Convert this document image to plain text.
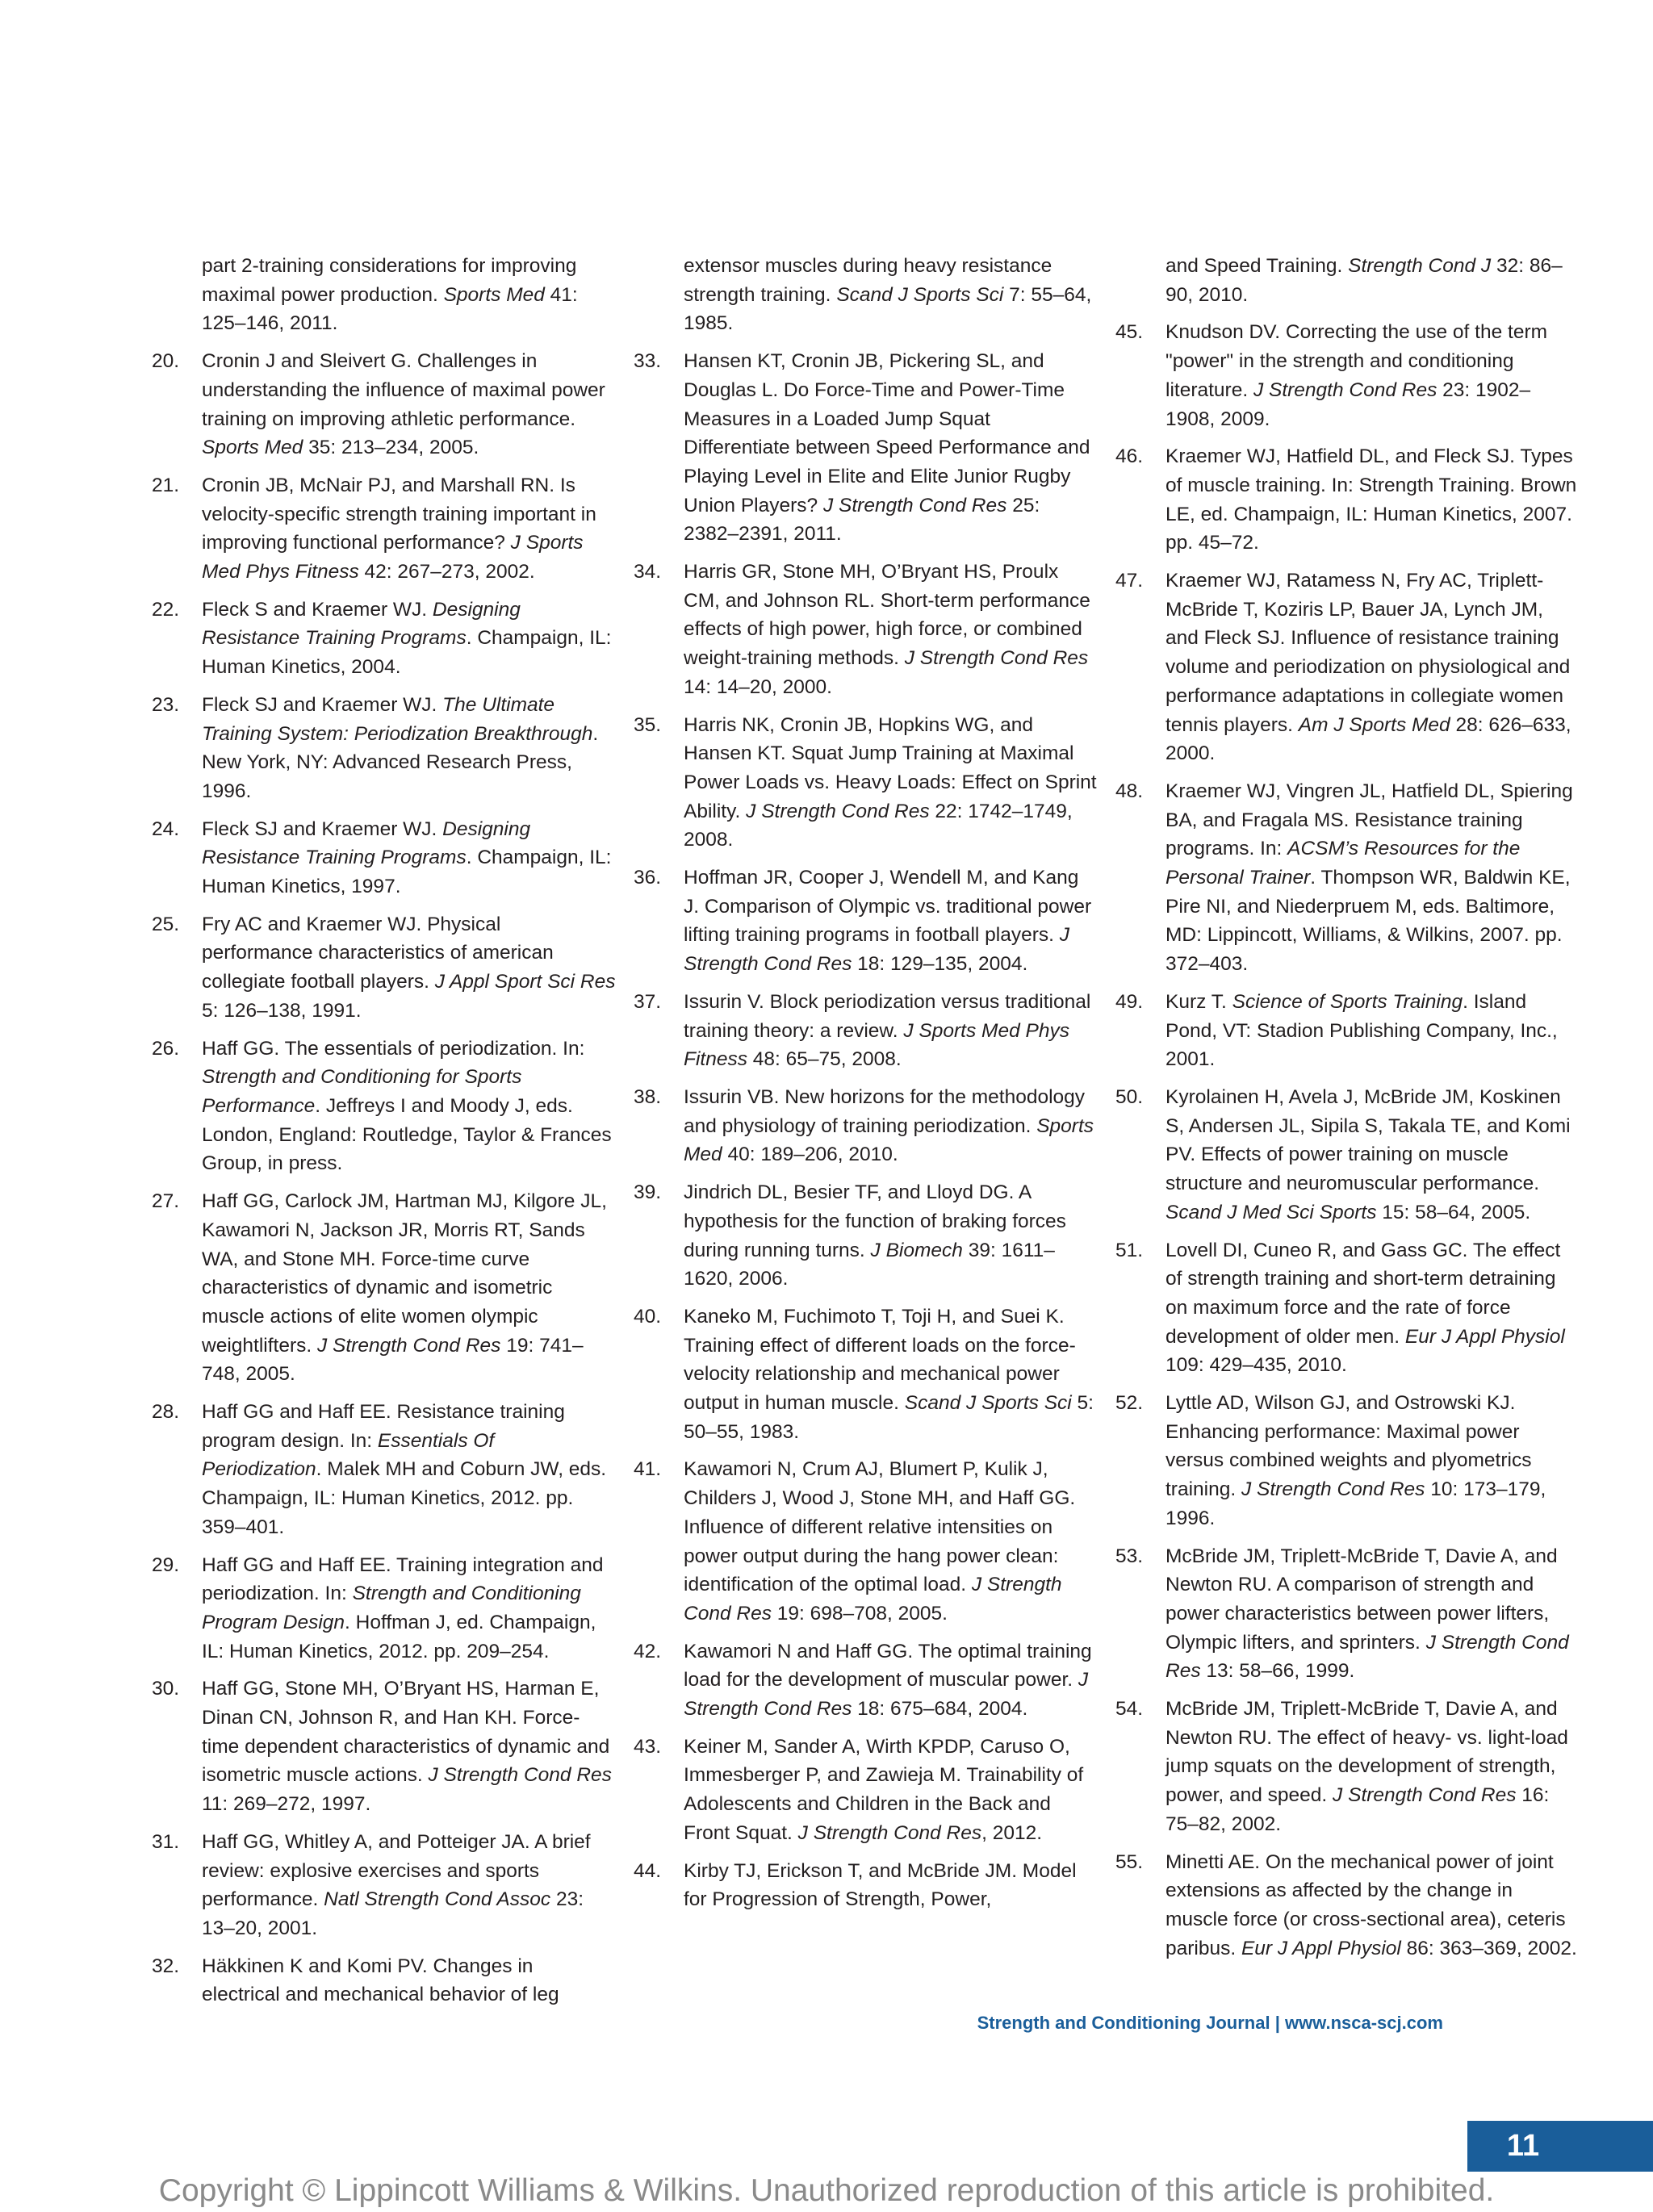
part 2-training considerations for improving maximal power production. Sports Med 41: 125–146, 2011.
20. Cronin J and Sleivert G. Challenges in understanding the influence of maximal power training on improving athletic performance. Sports Med 35: 213–234, 2005.
21. Cronin JB, McNair PJ, and Marshall RN. Is velocity-specific strength training important in improving functional performance? J Sports Med Phys Fitness 42: 267–273, 2002.
22. Fleck S and Kraemer WJ. Designing Resistance Training Programs. Champaign, IL: Human Kinetics, 2004.
23. Fleck SJ and Kraemer WJ. The Ultimate Training System: Periodization Breakthrough. New York, NY: Advanced Research Press, 1996.
24. Fleck SJ and Kraemer WJ. Designing Resistance Training Programs. Champaign, IL: Human Kinetics, 1997.
25. Fry AC and Kraemer WJ. Physical performance characteristics of american collegiate football players. J Appl Sport Sci Res 5: 126–138, 1991.
26. Haff GG. The essentials of periodization. In: Strength and Conditioning for Sports Performance. Jeffreys I and Moody J, eds. London, England: Routledge, Taylor & Frances Group, in press.
27. Haff GG, Carlock JM, Hartman MJ, Kilgore JL, Kawamori N, Jackson JR, Morris RT, Sands WA, and Stone MH. Force-time curve characteristics of dynamic and isometric muscle actions of elite women olympic weightlifters. J Strength Cond Res 19: 741–748, 2005.
28. Haff GG and Haff EE. Resistance training program design. In: Essentials Of Periodization. Malek MH and Coburn JW, eds. Champaign, IL: Human Kinetics, 2012. pp. 359–401.
29. Haff GG and Haff EE. Training integration and periodization. In: Strength and Conditioning Program Design. Hoffman J, ed. Champaign, IL: Human Kinetics, 2012. pp. 209–254.
30. Haff GG, Stone MH, O’Bryant HS, Harman E, Dinan CN, Johnson R, and Han KH. Force-time dependent characteristics of dynamic and isometric muscle actions. J Strength Cond Res 11: 269–272, 1997.
31. Haff GG, Whitley A, and Potteiger JA. A brief review: explosive exercises and sports performance. Natl Strength Cond Assoc 23: 13–20, 2001.
32. Häkkinen K and Komi PV. Changes in electrical and mechanical behavior of leg
extensor muscles during heavy resistance strength training. Scand J Sports Sci 7: 55–64, 1985.
33. Hansen KT, Cronin JB, Pickering SL, and Douglas L. Do Force-Time and Power-Time Measures in a Loaded Jump Squat Differentiate between Speed Performance and Playing Level in Elite and Elite Junior Rugby Union Players? J Strength Cond Res 25: 2382–2391, 2011.
34. Harris GR, Stone MH, O’Bryant HS, Proulx CM, and Johnson RL. Short-term performance effects of high power, high force, or combined weight-training methods. J Strength Cond Res 14: 14–20, 2000.
35. Harris NK, Cronin JB, Hopkins WG, and Hansen KT. Squat Jump Training at Maximal Power Loads vs. Heavy Loads: Effect on Sprint Ability. J Strength Cond Res 22: 1742–1749, 2008.
36. Hoffman JR, Cooper J, Wendell M, and Kang J. Comparison of Olympic vs. traditional power lifting training programs in football players. J Strength Cond Res 18: 129–135, 2004.
37. Issurin V. Block periodization versus traditional training theory: a review. J Sports Med Phys Fitness 48: 65–75, 2008.
38. Issurin VB. New horizons for the methodology and physiology of training periodization. Sports Med 40: 189–206, 2010.
39. Jindrich DL, Besier TF, and Lloyd DG. A hypothesis for the function of braking forces during running turns. J Biomech 39: 1611–1620, 2006.
40. Kaneko M, Fuchimoto T, Toji H, and Suei K. Training effect of different loads on the force-velocity relationship and mechanical power output in human muscle. Scand J Sports Sci 5: 50–55, 1983.
41. Kawamori N, Crum AJ, Blumert P, Kulik J, Childers J, Wood J, Stone MH, and Haff GG. Influence of different relative intensities on power output during the hang power clean: identification of the optimal load. J Strength Cond Res 19: 698–708, 2005.
42. Kawamori N and Haff GG. The optimal training load for the development of muscular power. J Strength Cond Res 18: 675–684, 2004.
43. Keiner M, Sander A, Wirth KPDP, Caruso O, Immesberger P, and Zawieja M. Trainability of Adolescents and Children in the Back and Front Squat. J Strength Cond Res, 2012.
44. Kirby TJ, Erickson T, and McBride JM. Model for Progression of Strength, Power,
and Speed Training. Strength Cond J 32: 86–90, 2010.
45. Knudson DV. Correcting the use of the term "power" in the strength and conditioning literature. J Strength Cond Res 23: 1902–1908, 2009.
46. Kraemer WJ, Hatfield DL, and Fleck SJ. Types of muscle training. In: Strength Training. Brown LE, ed. Champaign, IL: Human Kinetics, 2007. pp. 45–72.
47. Kraemer WJ, Ratamess N, Fry AC, Triplett-McBride T, Koziris LP, Bauer JA, Lynch JM, and Fleck SJ. Influence of resistance training volume and periodization on physiological and performance adaptations in collegiate women tennis players. Am J Sports Med 28: 626–633, 2000.
48. Kraemer WJ, Vingren JL, Hatfield DL, Spiering BA, and Fragala MS. Resistance training programs. In: ACSM’s Resources for the Personal Trainer. Thompson WR, Baldwin KE, Pire NI, and Niederpruem M, eds. Baltimore, MD: Lippincott, Williams, & Wilkins, 2007. pp. 372–403.
49. Kurz T. Science of Sports Training. Island Pond, VT: Stadion Publishing Company, Inc., 2001.
50. Kyrolainen H, Avela J, McBride JM, Koskinen S, Andersen JL, Sipila S, Takala TE, and Komi PV. Effects of power training on muscle structure and neuromuscular performance. Scand J Med Sci Sports 15: 58–64, 2005.
51. Lovell DI, Cuneo R, and Gass GC. The effect of strength training and short-term detraining on maximum force and the rate of force development of older men. Eur J Appl Physiol 109: 429–435, 2010.
52. Lyttle AD, Wilson GJ, and Ostrowski KJ. Enhancing performance: Maximal power versus combined weights and plyometrics training. J Strength Cond Res 10: 173–179, 1996.
53. McBride JM, Triplett-McBride T, Davie A, and Newton RU. A comparison of strength and power characteristics between power lifters, Olympic lifters, and sprinters. J Strength Cond Res 13: 58–66, 1999.
54. McBride JM, Triplett-McBride T, Davie A, and Newton RU. The effect of heavy- vs. light-load jump squats on the development of strength, power, and speed. J Strength Cond Res 16: 75–82, 2002.
55. Minetti AE. On the mechanical power of joint extensions as affected by the change in muscle force (or cross-sectional area), ceteris paribus. Eur J Appl Physiol 86: 363–369, 2002.
Strength and Conditioning Journal | www.nsca-scj.com
11
Copyright © Lippincott Williams & Wilkins. Unauthorized reproduction of this article is prohibited.
